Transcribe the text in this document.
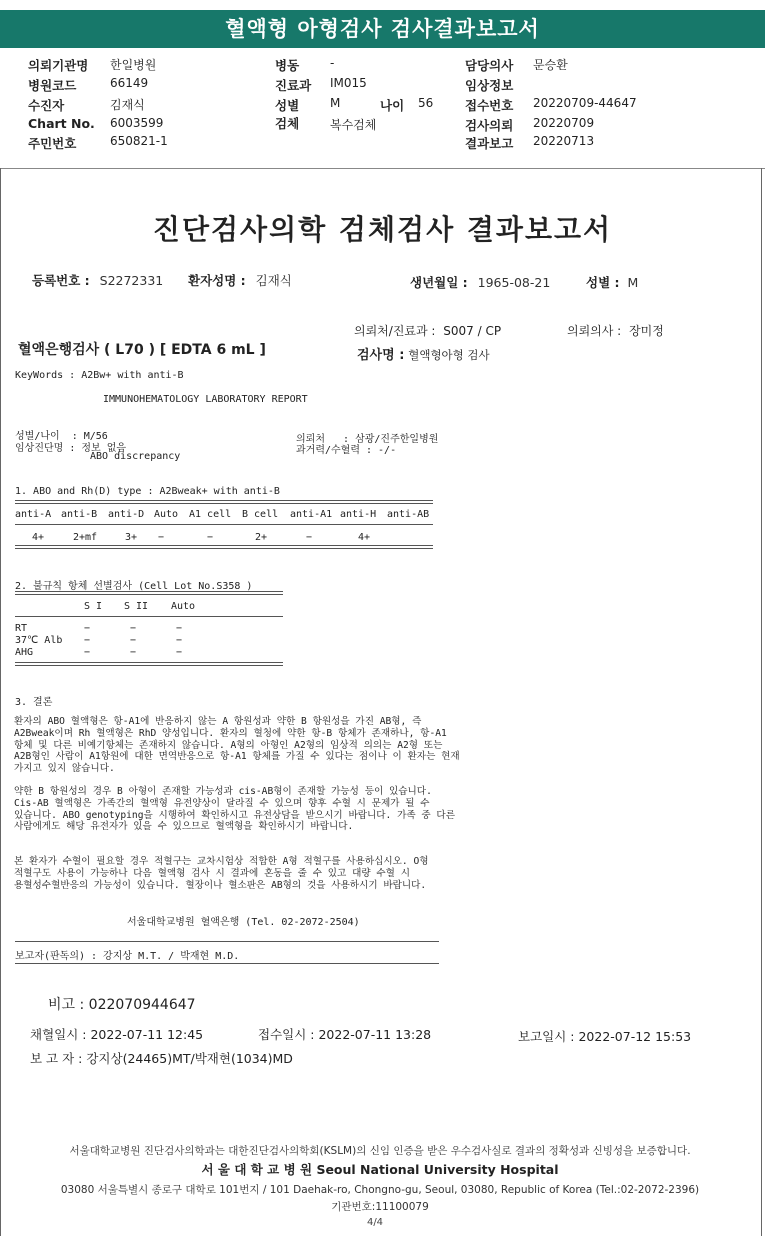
혈액형 아형검사 검사결과보고서
의뢰기관명 한일병원
병원코드	66149
수진자	김재식
Chart No. 6003599
주민번호	650821-1
병동	-
진료과 IM015
성별	M	나이 56
검체	복수검체
담당의사 문승환
임상정보
접수번호 20220709-44647
검사의뢰 20220709
결과보고 20220713
진단검사의학 검체검사 결과보고서
등록번호 : S2272331 환자성명 : 김재식	생년월일 : 1965-08-21	성별 : M
의뢰처/진료과 : S007 / CP	의뢰의사 : 장미정
혈액은행검사 ( L70 ) [ EDTA 6 mL ]	검사명 : 혈액형아형 검사
KeyWords : A2Bw+ with anti-B
IMMUNOHEMATOLOGY LABORATORY REPORT
성별/나이  : M/56
임상진단명 : 정보 없음
ABO discrepancy
의뢰처   : 삼광/진주한일병원
과거력/수혈력 : -/-
1. ABO and Rh(D) type : A2Bweak+ with anti-B
anti-A anti-B anti-D Auto A1 cell B cell anti-A1 anti-H anti-AB
4+	2+mf	3+ −	−	2+	−	4+
2. 불규칙 항체 선별검사 (Cell Lot No.S358 )
S I S II Auto
RT	−	−	−
37℃ Alb −	−	−
AHG	−	−	−
3. 결론
환자의 ABO 혈액형은 항-A1에 반응하지 않는 A 항원성과 약한 B 항원성을 가진 AB형, 즉 A2Bweak이며 Rh 혈액형은 RhD 양성입니다. 환자의 혈청에 약한 항-B 항체가 존재하나, 항-A1 항체 및 다른 비예기항체는 존재하지 않습니다. A형의 아형인 A2형의 임상적 의의는 A2형 또는 A2B형인 사람이 A1항원에 대한 면역반응으로 항-A1 항체를 가질 수 있다는 점이나 이 환자는 현재 가지고 있지 않습니다.
약한 B 항원성의 경우 B 아형이 존재할 가능성과 cis-AB형이 존재할 가능성 등이 있습니다. Cis-AB 혈액형은 가족간의 혈액형 유전양상이 달라질 수 있으며 향후 수혈 시 문제가 될 수 있습니다. ABO genotyping을 시행하여 확인하시고 유전상담을 받으시기 바랍니다. 가족 중 다른 사람에게도 해당 유전자가 있을 수 있으므로 혈액형을 확인하시기 바랍니다.
본 환자가 수혈이 필요할 경우 적혈구는 교차시험상 적합한 A형 적혈구를 사용하십시오. O형 적혈구도 사용이 가능하나 다음 혈액형 검사 시 결과에 혼동을 줄 수 있고 대량 수혈 시 용혈성수혈반응의 가능성이 있습니다. 혈장이나 혈소판은 AB형의 것을 사용하시기 바랍니다.
서울대학교병원 혈액은행 (Tel. 02-2072-2504)
보고자(판독의) : 강지상 M.T. / 박재현 M.D.
비고 : 022070944647
채혈일시 : 2022-07-11 12:45	접수일시 : 2022-07-11 13:28	보고일시 : 2022-07-12 15:53
보 고 자 : 강지상(24465)MT/박재현(1034)MD
서울대학교병원 진단검사의학과는 대한진단검사의학회(KSLM)의 신임 인증을 받은 우수검사실로 결과의 정확성과 신빙성을 보증합니다.
서 울 대 학 교 병 원 Seoul National University Hospital
03080 서울특별시 종로구 대학로 101번지 / 101 Daehak-ro, Chongno-gu, Seoul, 03080, Republic of Korea (Tel.:02-2072-2396)
기관번호:11100079
4/4
